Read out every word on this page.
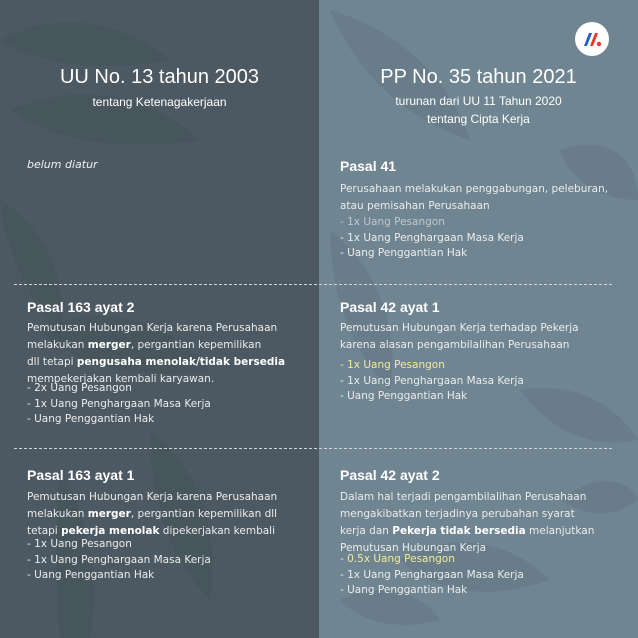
UU No. 13 tahun 2003
tentang Ketenagakerjaan
PP No. 35 tahun 2021
turunan dari UU 11 Tahun 2020
tentang Cipta Kerja
belum diatur	Pasal 41
Perusahaan melakukan penggabungan, peleburan,
atau pemisahan Perusahaan
- 1x Uang Pesangon
- 1x Uang Penghargaan Masa Kerja
- Uang Penggantian Hak
Pasal 163 ayat 2
Pemutusan Hubungan Kerja karena Perusahaan
melakukan merger, pergantian kepemilikan
dll tetapi pengusaha menolak/tidak bersedia
mempekerjakan kembali karyawan.
- 2x Uang Pesangon
- 1x Uang Penghargaan Masa Kerja
- Uang Penggantian Hak
Pasal 42 ayat 1
Pemutusan Hubungan Kerja terhadap Pekerja
karena alasan pengambilalihan Perusahaan
- 1x Uang Pesangon
- 1x Uang Penghargaan Masa Kerja
- Uang Penggantian Hak
Pasal 163 ayat 1
Pemutusan Hubungan Kerja karena Perusahaan
melakukan merger, pergantian kepemilikan dll
tetapi pekerja menolak dipekerjakan kembali
- 1x Uang Pesangon
- 1x Uang Penghargaan Masa Kerja
- Uang Penggantian Hak
Pasal 42 ayat 2
Dalam hal terjadi pengambilalihan Perusahaan
mengakibatkan terjadinya perubahan syarat
kerja dan Pekerja tidak bersedia melanjutkan
Pemutusan Hubungan Kerja
- 0.5x Uang Pesangon
- 1x Uang Penghargaan Masa Kerja
- Uang Penggantian Hak
